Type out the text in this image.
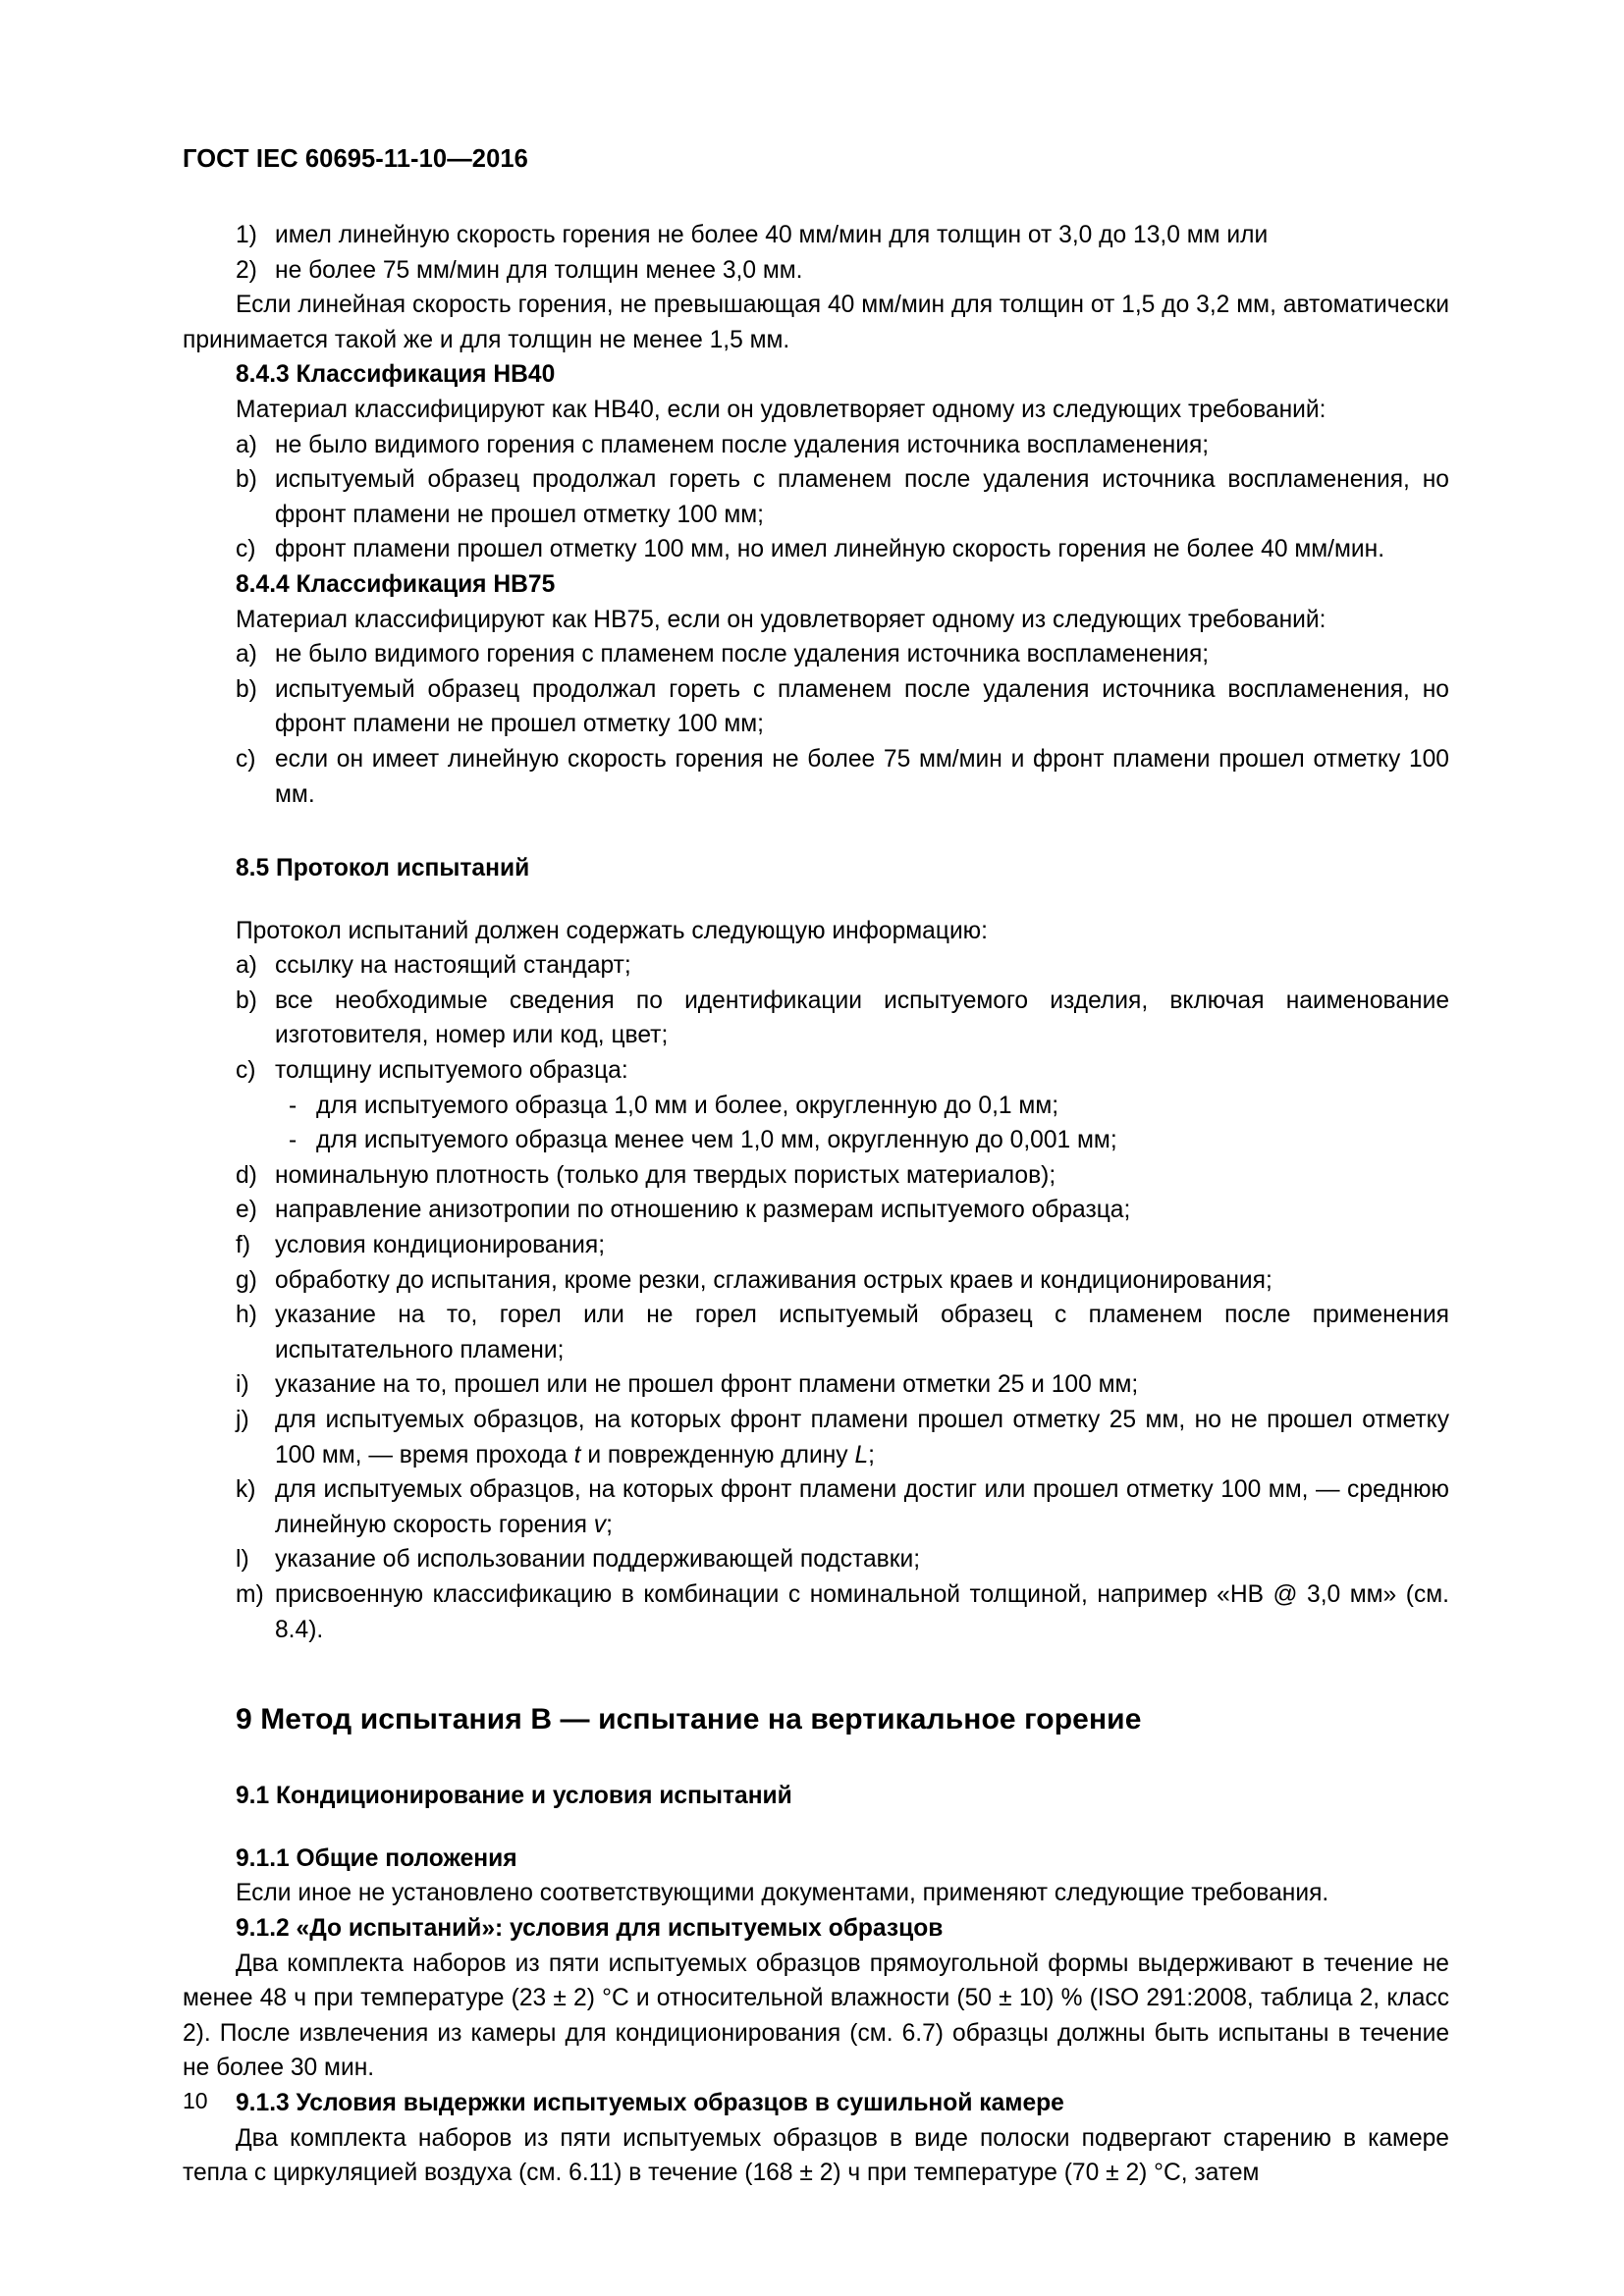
ГОСТ IEC 60695-11-10—2016
1) имел линейную скорость горения не более 40 мм/мин для толщин от 3,0 до 13,0 мм или
2) не более 75 мм/мин для толщин менее 3,0 мм.

Если линейная скорость горения, не превышающая 40 мм/мин для толщин от 1,5 до 3,2 мм, автоматически принимается такой же и для толщин не менее 1,5 мм.

8.4.3 Классификация HB40

Материал классифицируют как HB40, если он удовлетворяет одному из следующих требований:

a) не было видимого горения с пламенем после удаления источника воспламенения;
b) испытуемый образец продолжал гореть с пламенем после удаления источника воспламенения, но фронт пламени не прошел отметку 100 мм;
c) фронт пламени прошел отметку 100 мм, но имел линейную скорость горения не более 40 мм/мин.
8.4.4 Классификация HB75

Материал классифицируют как HB75, если он удовлетворяет одному из следующих требований:

a) не было видимого горения с пламенем после удаления источника воспламенения;
b) испытуемый образец продолжал гореть с пламенем после удаления источника воспламенения, но фронт пламени не прошел отметку 100 мм;
c) если он имеет линейную скорость горения не более 75 мм/мин и фронт пламени прошел отметку 100 мм.
8.5 Протокол испытаний

Протокол испытаний должен содержать следующую информацию:

a) ссылку на настоящий стандарт;
b) все необходимые сведения по идентификации испытуемого изделия, включая наименование изготовителя, номер или код, цвет;
c) толщину испытуемого образца:
- для испытуемого образца 1,0 мм и более, округленную до 0,1 мм;
- для испытуемого образца менее чем 1,0 мм, округленную до 0,001 мм;
d) номинальную плотность (только для твердых пористых материалов);
e) направление анизотропии по отношению к размерам испытуемого образца;
f)	условия кондиционирования;
g) обработку до испытания, кроме резки, сглаживания острых краев и кондиционирования;
h) указание на то, горел или не горел испытуемый образец с пламенем после применения испытательного пламени;
i)	указание на то, прошел или не прошел фронт пламени отметки 25 и 100 мм;
j)	для испытуемых образцов, на которых фронт пламени прошел отметку 25 мм, но не прошел отметку 100 мм, — время прохода t и поврежденную длину L;
k) для испытуемых образцов, на которых фронт пламени достиг или прошел отметку 100 мм, — среднюю линейную скорость горения v;
l)	указание об использовании поддерживающей подставки;
m) присвоенную классификацию в комбинации с номинальной толщиной, например «HB @ 3,0 мм» (см. 8.4).
9 Метод испытания B — испытание на вертикальное горение
9.1 Кондиционирование и условия испытаний
9.1.1 Общие положения

Если иное не установлено соответствующими документами, применяют следующие требования.

9.1.2 «До испытаний»: условия для испытуемых образцов

Два комплекта наборов из пяти испытуемых образцов прямоугольной формы выдерживают в течение не менее 48 ч при температуре (23 ± 2) °С и относительной влажности (50 ± 10) % (ISO 291:2008, таблица 2, класс 2). После извлечения из камеры для кондиционирования (см. 6.7) образцы должны быть испытаны в течение не более 30 мин.

9.1.3 Условия выдержки испытуемых образцов в сушильной камере

Два комплекта наборов из пяти испытуемых образцов в виде полоски подвергают старению в камере тепла с циркуляцией воздуха (см. 6.11) в течение (168 ± 2) ч при температуре (70 ± 2) °С, затем

10
